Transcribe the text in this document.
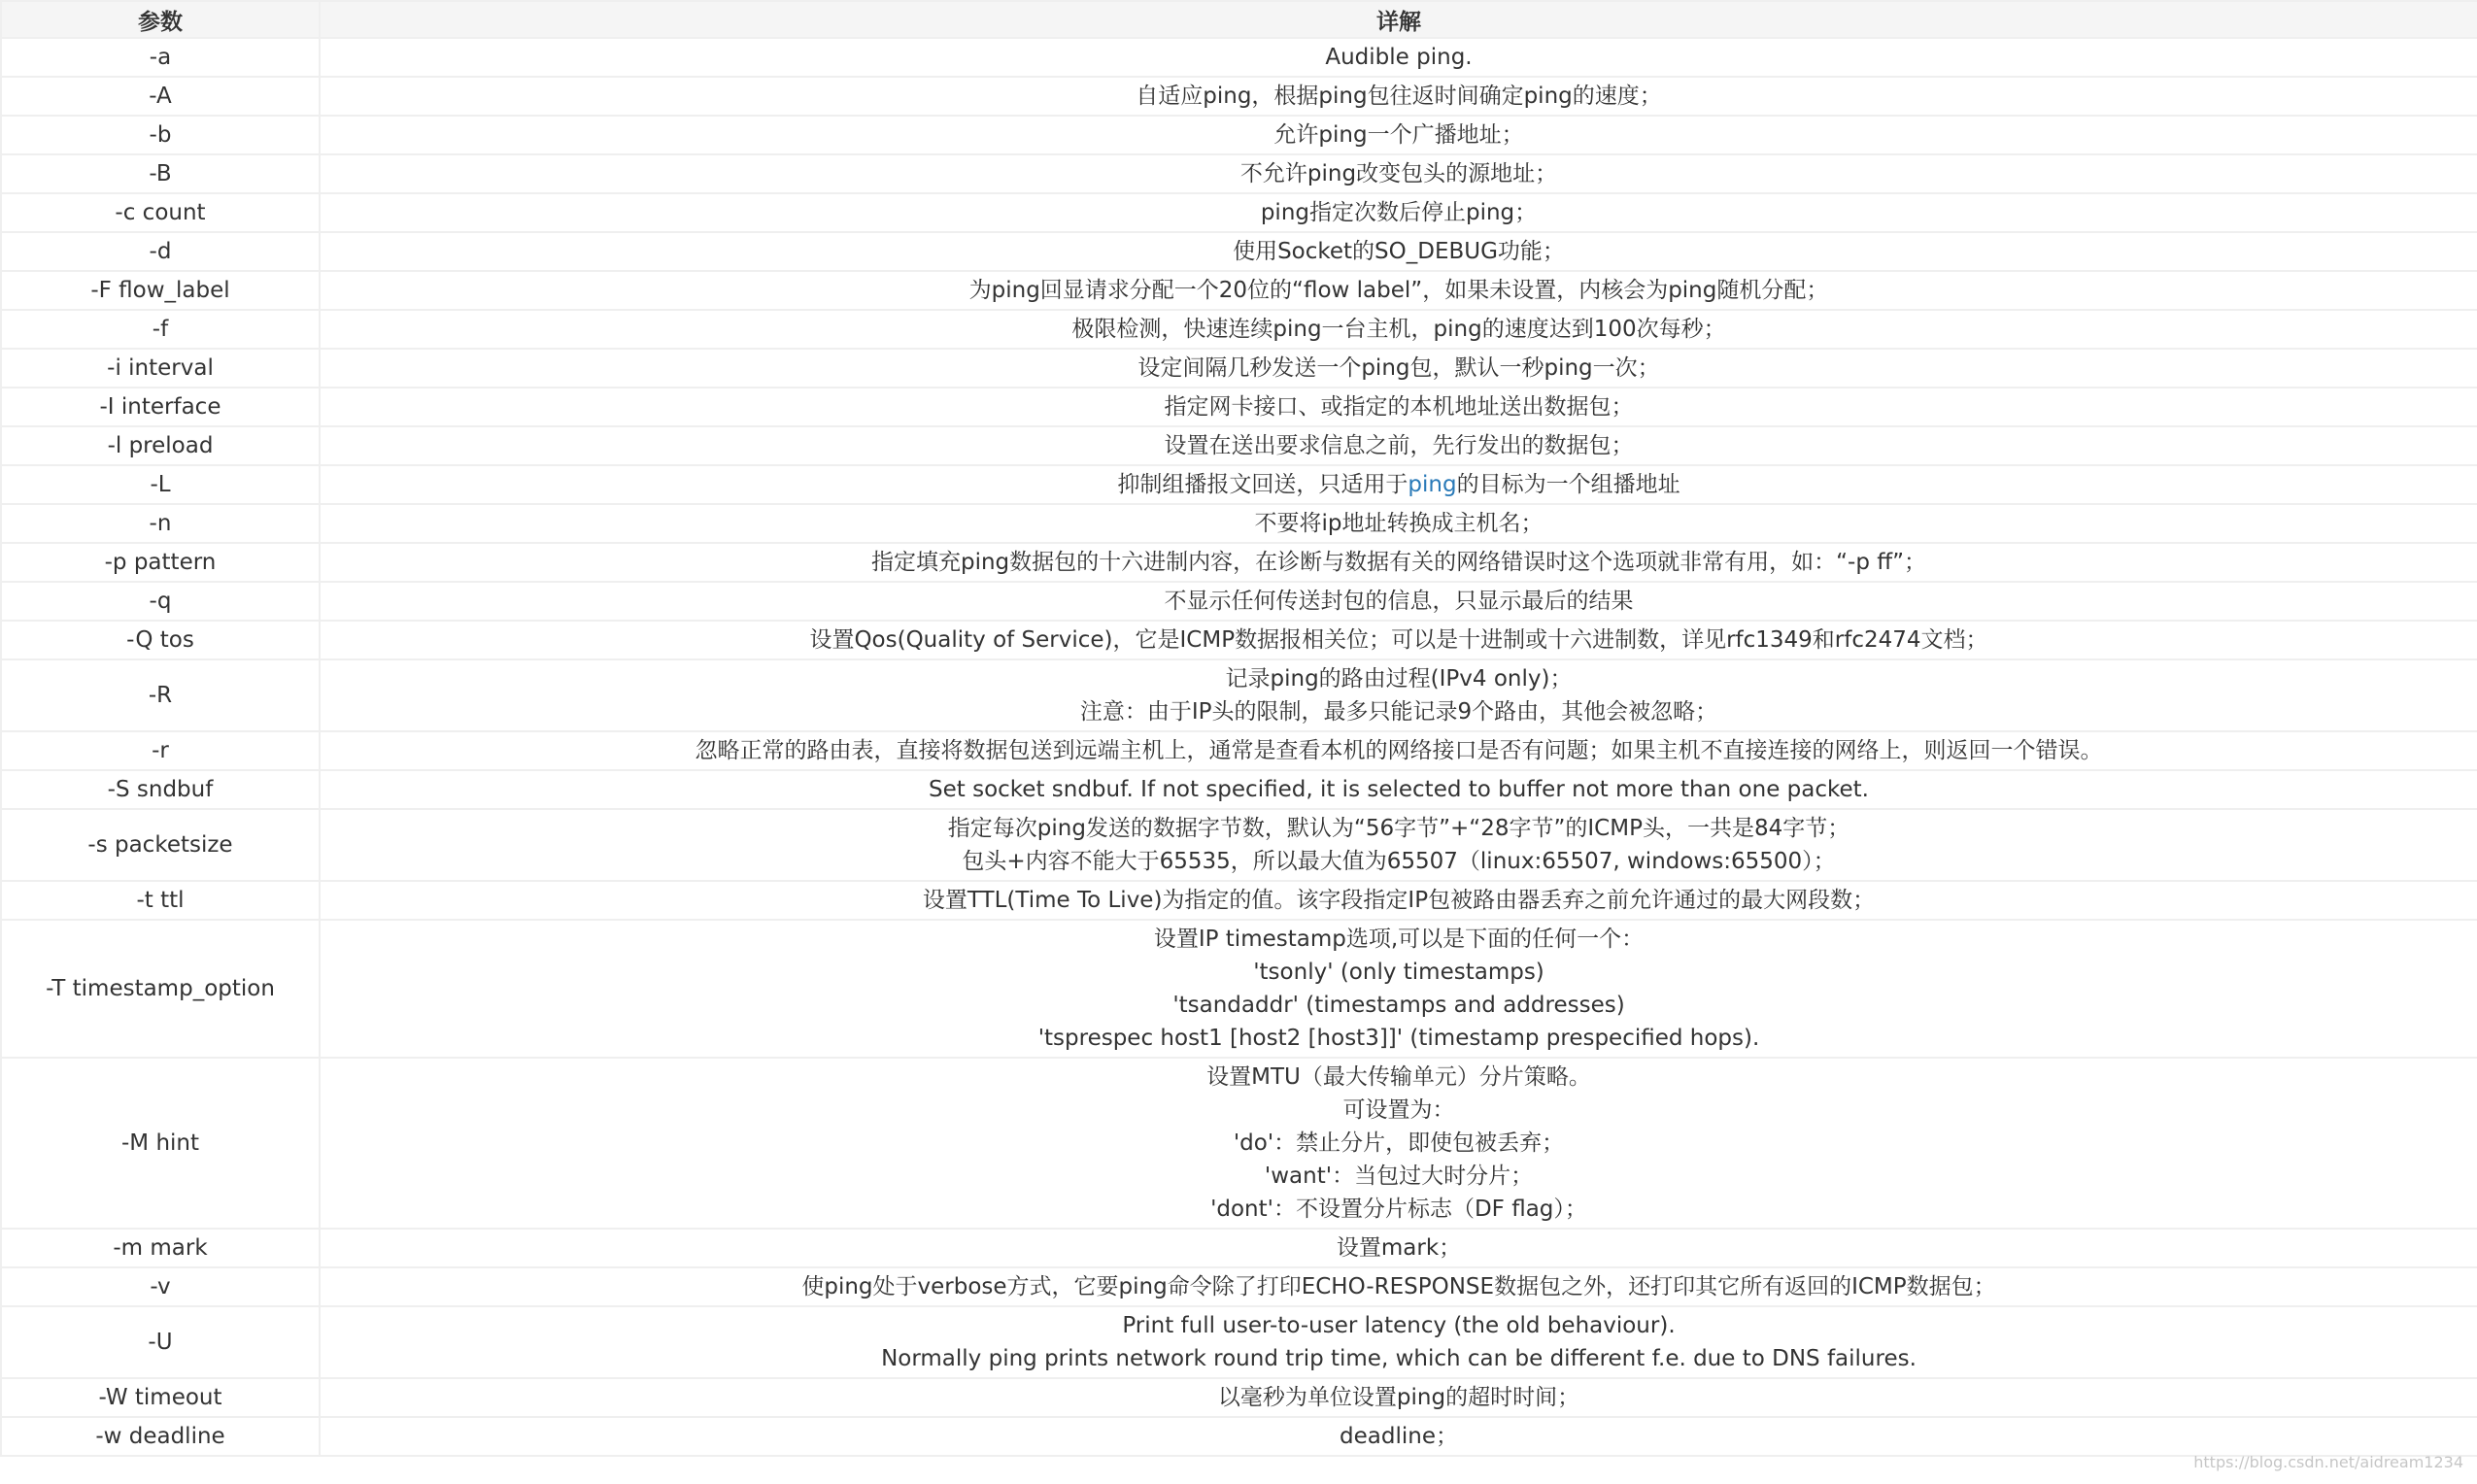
参数	详解
-a	Audible ping.

-A	自适应ping，根据ping包往返时间确定ping的速度；

-b	允许ping一个广播地址；

-B	不允许ping改变包头的源地址；

-c count	ping指定次数后停止ping；

-d	使用Socket的SO_DEBUG功能；

-F flow_label	为ping回显请求分配一个20位的“flow label”，如果未设置，内核会为ping随机分配；

-f	极限检测，快速连续ping一台主机，ping的速度达到100次每秒；

-i interval	设定间隔几秒发送一个ping包，默认一秒ping一次；

-I interface	指定网卡接口、或指定的本机地址送出数据包；

-l preload	设置在送出要求信息之前，先行发出的数据包；

-L	抑制组播报文回送，只适用于ping的目标为一个组播地址

-n	不要将ip地址转换成主机名；

-p pattern	指定填充ping数据包的十六进制内容，在诊断与数据有关的网络错误时这个选项就非常有用，如：“-p ff”；

-q	不显示任何传送封包的信息，只显示最后的结果

-Q tos	设置Qos(Quality of Service)，它是ICMP数据报相关位；可以是十进制或十六进制数，详见rfc1349和rfc2474文档；

-R	记录ping的路由过程(IPv4 only)；
注意：由于IP头的限制，最多只能记录9个路由，其他会被忽略；

-r	忽略正常的路由表，直接将数据包送到远端主机上，通常是查看本机的网络接口是否有问题；如果主机不直接连接的网络上，则返回一个错误。

-S sndbuf	Set socket sndbuf. If not specified, it is selected to buffer not more than one packet.

-s packetsize	指定每次ping发送的数据字节数，默认为“56字节”+“28字节”的ICMP头，一共是84字节；
包头+内容不能大于65535，所以最大值为65507（linux:65507, windows:65500）；

-t ttl	设置TTL(Time To Live)为指定的值。该字段指定IP包被路由器丢弃之前允许通过的最大网段数；

-T timestamp_option	设置IP timestamp选项,可以是下面的任何一个：
'tsonly' (only timestamps)
'tsandaddr' (timestamps and addresses)
'tsprespec host1 [host2 [host3]]' (timestamp prespecified hops).

-M hint	设置MTU（最大传输单元）分片策略。
可设置为：
'do'：禁止分片，即使包被丢弃；
'want'：当包过大时分片；
'dont'：不设置分片标志（DF flag）；

-m mark	设置mark；

-v	使ping处于verbose方式，它要ping命令除了打印ECHO-RESPONSE数据包之外，还打印其它所有返回的ICMP数据包；

-U	Print full user-to-user latency (the old behaviour).
Normally ping prints network round trip time, which can be different f.e. due to DNS failures.

-W timeout	以毫秒为单位设置ping的超时时间；

-w deadline	deadline；
https://blog.csdn.net/aidream1234
